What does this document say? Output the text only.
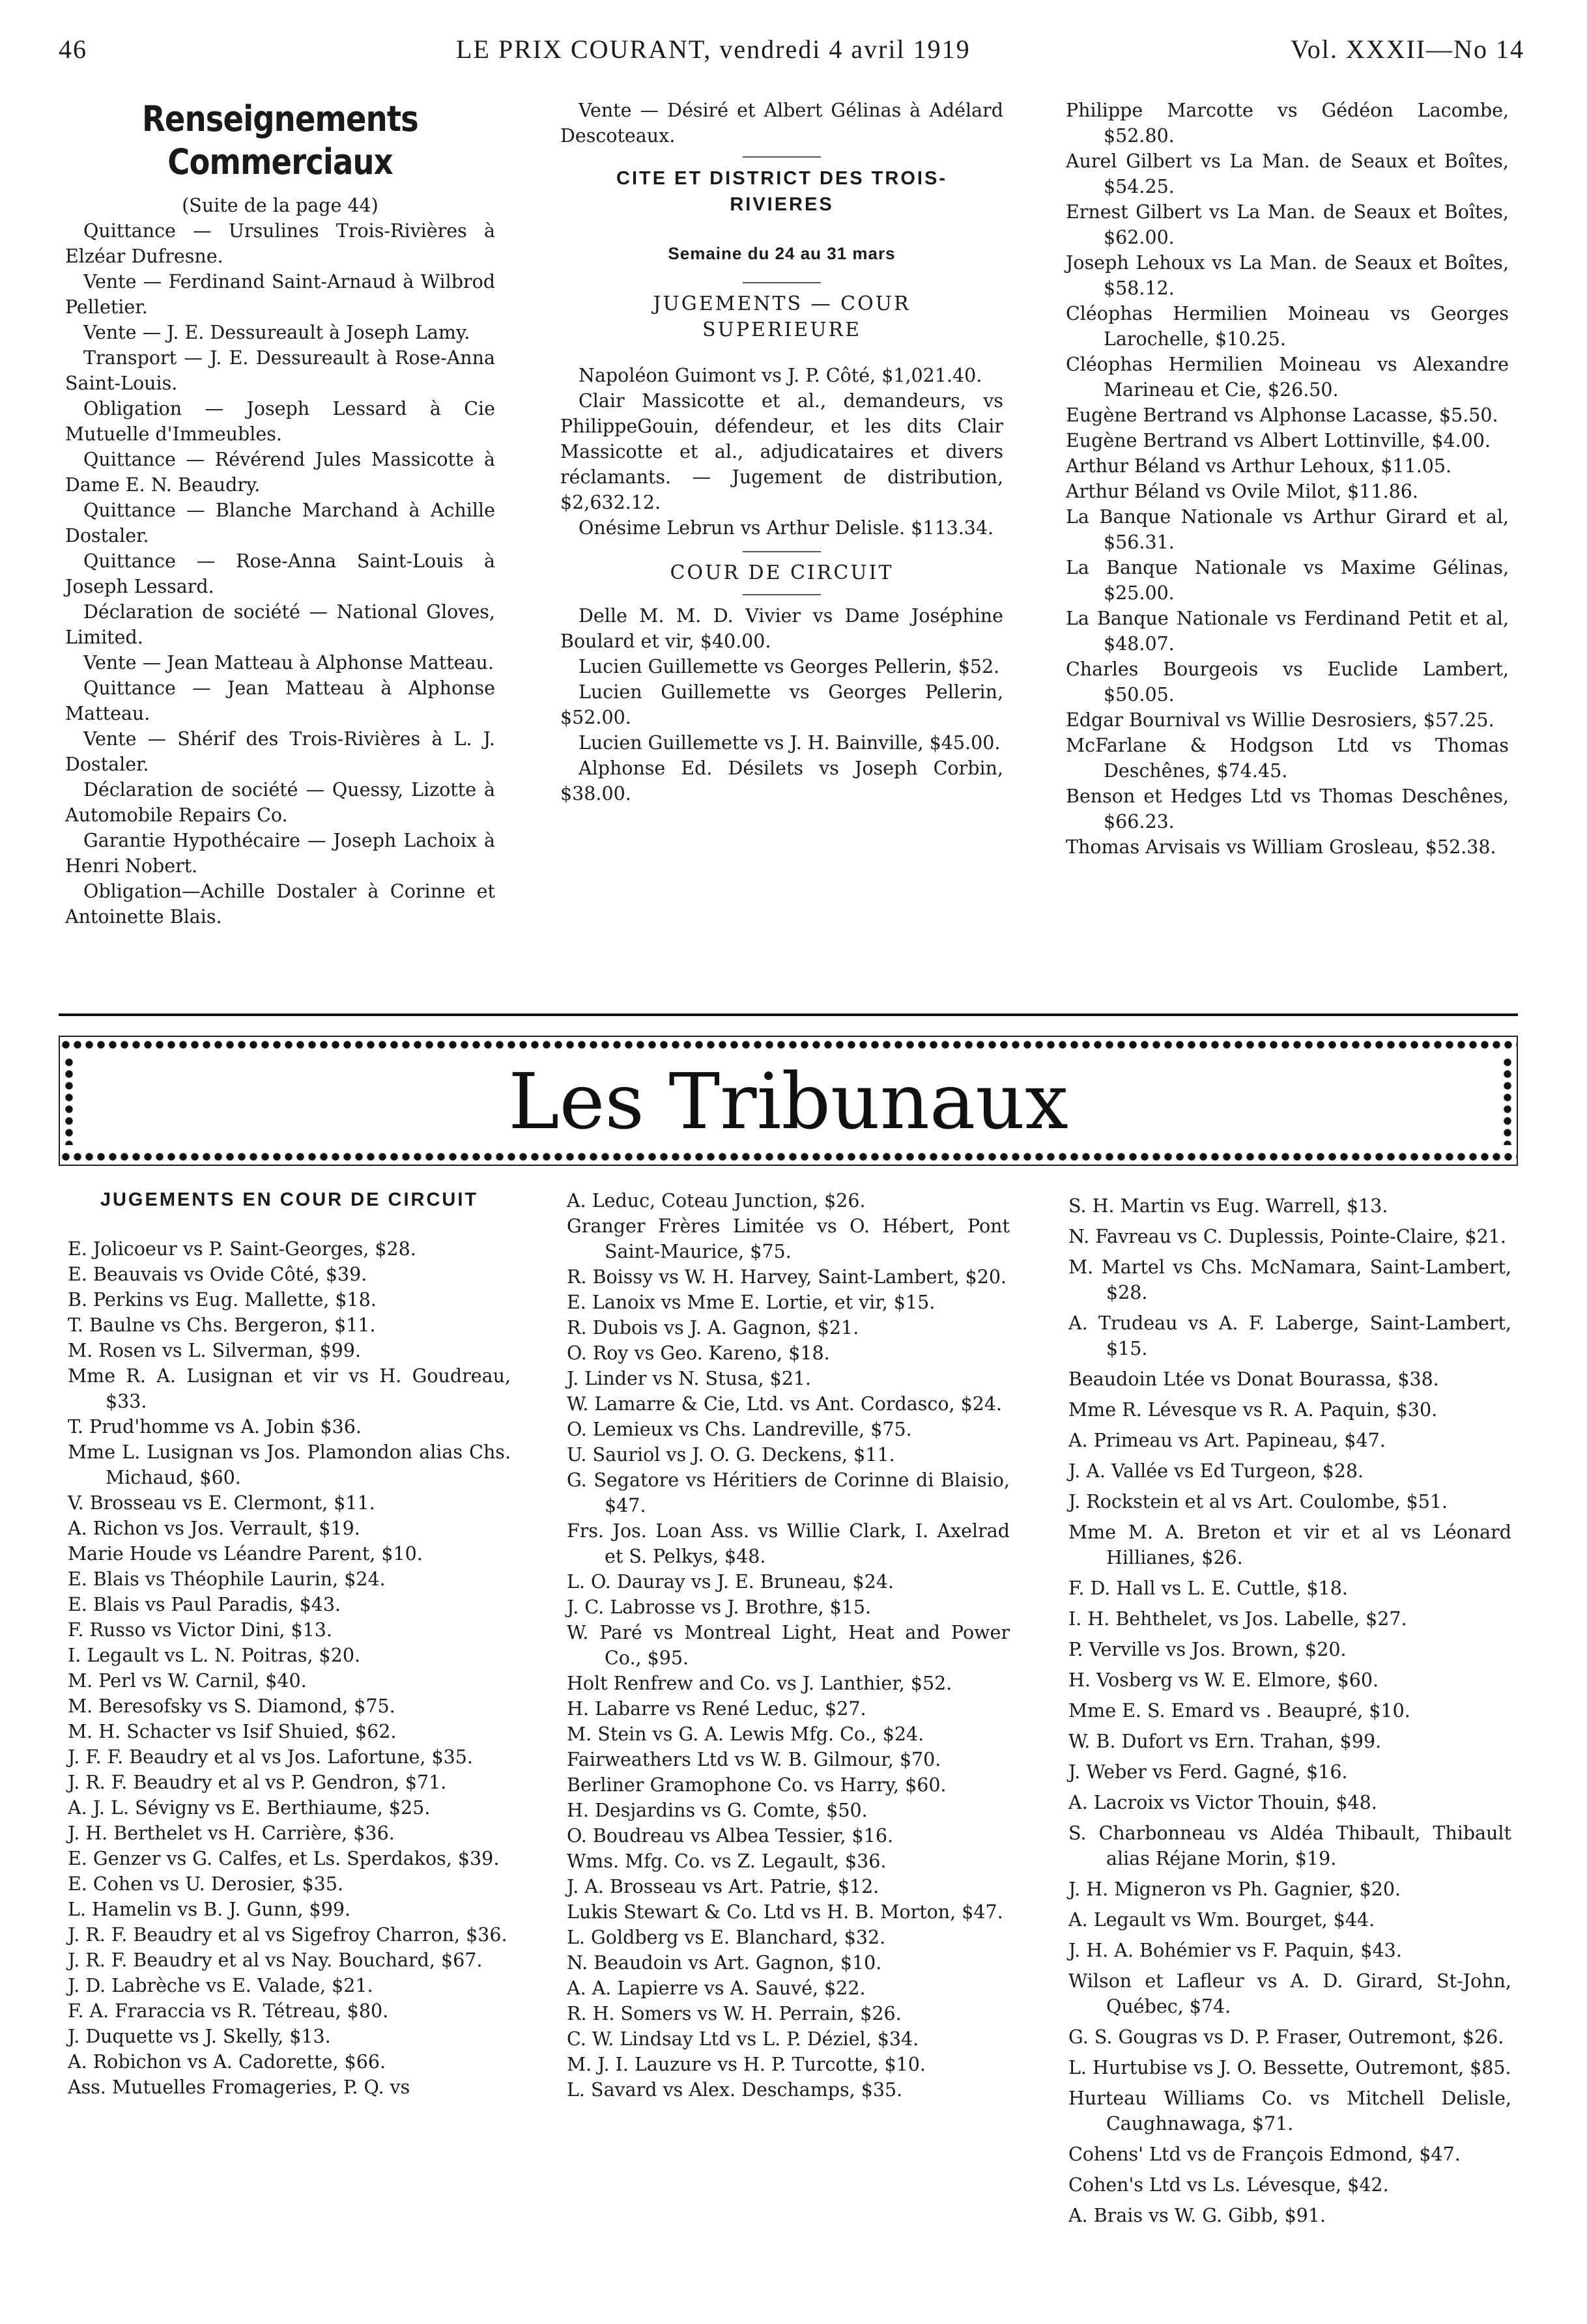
46	LE PRIX COURANT, vendredi 4 avril 1919	Vol. XXXII—No 14
Renseignements Commerciaux
(Suite de la page 44)

Quittance — Ursulines Trois-Rivières à Elzéar Dufresne.

Vente — Ferdinand Saint-Arnaud à Wilbrod Pelletier.

Vente — J. E. Dessureault à Joseph Lamy.

Transport — J. E. Dessureault à Rose-Anna Saint-Louis.

Obligation — Joseph Lessard à Cie Mutuelle d'Immeubles.

Quittance — Révérend Jules Massicotte à Dame E. N. Beaudry.

Quittance — Blanche Marchand à Achille Dostaler.

Quittance — Rose-Anna Saint-Louis à Joseph Lessard.

Déclaration de société — National Gloves, Limited.

Vente — Jean Matteau à Alphonse Matteau.

Quittance — Jean Matteau à Alphonse Matteau.

Vente — Shérif des Trois-Rivières à L. J. Dostaler.

Déclaration de société — Quessy, Lizotte à Automobile Repairs Co.

Garantie Hypothécaire — Joseph Lachoix à Henri Nobert.

Obligation—Achille Dostaler à Corinne et Antoinette Blais.

Vente — Désiré et Albert Gélinas à Adélard Descoteaux.

CITE ET DISTRICT DES TROIS-RIVIERES
Semaine du 24 au 31 mars
JUGEMENTS — COUR SUPERIEURE

Napoléon Guimont vs J. P. Côté, $1,021.40.

Clair Massicotte et al., demandeurs, vs PhilippeGouin, défendeur, et les dits Clair Massicotte et al., adjudicataires et divers réclamants. — Jugement de distribution, $2,632.12.

Onésime Lebrun vs Arthur Delisle. $113.34.

COUR DE CIRCUIT

Delle M. M. D. Vivier vs Dame Joséphine Boulard et vir, $40.00.

Lucien Guillemette vs Georges Pellerin, $52.

Lucien Guillemette vs Georges Pellerin, $52.00.

Lucien Guillemette vs J. H. Bainville, $45.00.

Alphonse Ed. Désilets vs Joseph Corbin, $38.00.

Philippe Marcotte vs Gédéon Lacombe, $52.80.

Aurel Gilbert vs La Man. de Seaux et Boîtes, $54.25.

Ernest Gilbert vs La Man. de Seaux et Boîtes, $62.00.

Joseph Lehoux vs La Man. de Seaux et Boîtes, $58.12.

Cléophas Hermilien Moineau vs Georges Larochelle, $10.25.

Cléophas Hermilien Moineau vs Alexandre Marineau et Cie, $26.50.

Eugène Bertrand vs Alphonse Lacasse, $5.50.

Eugène Bertrand vs Albert Lottinville, $4.00.

Arthur Béland vs Arthur Lehoux, $11.05.

Arthur Béland vs Ovile Milot, $11.86.

La Banque Nationale vs Arthur Girard et al, $56.31.

La Banque Nationale vs Maxime Gélinas, $25.00.

La Banque Nationale vs Ferdinand Petit et al, $48.07.

Charles Bourgeois vs Euclide Lambert, $50.05.

Edgar Bournival vs Willie Desrosiers, $57.25.

McFarlane & Hodgson Ltd vs Thomas Deschênes, $74.45.

Benson et Hedges Ltd vs Thomas Deschênes, $66.23.

Thomas Arvisais vs William Grosleau, $52.38.

Les Tribunaux
JUGEMENTS EN COUR DE CIRCUIT

E. Jolicoeur vs P. Saint-Georges, $28.

E. Beauvais vs Ovide Côté, $39.

B. Perkins vs Eug. Mallette, $18.

T. Baulne vs Chs. Bergeron, $11.

M. Rosen vs L. Silverman, $99.

Mme R. A. Lusignan et vir vs H. Goudreau, $33.

T. Prud'homme vs A. Jobin $36.

Mme L. Lusignan vs Jos. Plamondon alias Chs. Michaud, $60.

V. Brosseau vs E. Clermont, $11.

A. Richon vs Jos. Verrault, $19.

Marie Houde vs Léandre Parent, $10.

E. Blais vs Théophile Laurin, $24.

E. Blais vs Paul Paradis, $43.

F. Russo vs Victor Dini, $13.

I. Legault vs L. N. Poitras, $20.

M. Perl vs W. Carnil, $40.

M. Beresofsky vs S. Diamond, $75.

M. H. Schacter vs Isif Shuied, $62.

J. F. F. Beaudry et al vs Jos. Lafortune, $35.

J. R. F. Beaudry et al vs P. Gendron, $71.

A. J. L. Sévigny vs E. Berthiaume, $25.

J. H. Berthelet vs H. Carrière, $36.

E. Genzer vs G. Calfes, et Ls. Sperdakos, $39.

E. Cohen vs U. Derosier, $35.

L. Hamelin vs B. J. Gunn, $99.

J. R. F. Beaudry et al vs Sigefroy Charron, $36.

J. R. F. Beaudry et al vs Nay. Bouchard, $67.

J. D. Labrèche vs E. Valade, $21.

F. A. Fraraccia vs R. Tétreau, $80.

J. Duquette vs J. Skelly, $13.

A. Robichon vs A. Cadorette, $66.

Ass. Mutuelles Fromageries, P. Q. vs

A. Leduc, Coteau Junction, $26.

Granger Frères Limitée vs O. Hébert, Pont Saint-Maurice, $75.

R. Boissy vs W. H. Harvey, Saint-Lambert, $20.

E. Lanoix vs Mme E. Lortie, et vir, $15.

R. Dubois vs J. A. Gagnon, $21.

O. Roy vs Geo. Kareno, $18.

J. Linder vs N. Stusa, $21.

W. Lamarre & Cie, Ltd. vs Ant. Cordasco, $24.

O. Lemieux vs Chs. Landreville, $75.

U. Sauriol vs J. O. G. Deckens, $11.

G. Segatore vs Héritiers de Corinne di Blaisio, $47.

Frs. Jos. Loan Ass. vs Willie Clark, I. Axelrad et S. Pelkys, $48.

L. O. Dauray vs J. E. Bruneau, $24.

J. C. Labrosse vs J. Brothre, $15.

W. Paré vs Montreal Light, Heat and Power Co., $95.

Holt Renfrew and Co. vs J. Lanthier, $52.

H. Labarre vs René Leduc, $27.

M. Stein vs G. A. Lewis Mfg. Co., $24.

Fairweathers Ltd vs W. B. Gilmour, $70.

Berliner Gramophone Co. vs Harry, $60.

H. Desjardins vs G. Comte, $50.

O. Boudreau vs Albea Tessier, $16.

Wms. Mfg. Co. vs Z. Legault, $36.

J. A. Brosseau vs Art. Patrie, $12.

Lukis Stewart & Co. Ltd vs H. B. Morton, $47.

L. Goldberg vs E. Blanchard, $32.

N. Beaudoin vs Art. Gagnon, $10.

A. A. Lapierre vs A. Sauvé, $22.

R. H. Somers vs W. H. Perrain, $26.

C. W. Lindsay Ltd vs L. P. Déziel, $34.

M. J. I. Lauzure vs H. P. Turcotte, $10.

L. Savard vs Alex. Deschamps, $35.

S. H. Martin vs Eug. Warrell, $13.

N. Favreau vs C. Duplessis, Pointe-Claire, $21.

M. Martel vs Chs. McNamara, Saint-Lambert, $28.

A. Trudeau vs A. F. Laberge, Saint-Lambert, $15.

Beaudoin Ltée vs Donat Bourassa, $38.

Mme R. Lévesque vs R. A. Paquin, $30.

A. Primeau vs Art. Papineau, $47.

J. A. Vallée vs Ed Turgeon, $28.

J. Rockstein et al vs Art. Coulombe, $51.

Mme M. A. Breton et vir et al vs Léonard Hillianes, $26.

F. D. Hall vs L. E. Cuttle, $18.

I. H. Behthelet, vs Jos. Labelle, $27.

P. Verville vs Jos. Brown, $20.

H. Vosberg vs W. E. Elmore, $60.

Mme E. S. Emard vs . Beaupré, $10.

W. B. Dufort vs Ern. Trahan, $99.

J. Weber vs Ferd. Gagné, $16.

A. Lacroix vs Victor Thouin, $48.

S. Charbonneau vs Aldéa Thibault, Thibault alias Réjane Morin, $19.

J. H. Migneron vs Ph. Gagnier, $20.

A. Legault vs Wm. Bourget, $44.

J. H. A. Bohémier vs F. Paquin, $43.

Wilson et Lafleur vs A. D. Girard, St-John, Québec, $74.

G. S. Gougras vs D. P. Fraser, Outremont, $26.

L. Hurtubise vs J. O. Bessette, Outremont, $85.

Hurteau Williams Co. vs Mitchell Delisle, Caughnawaga, $71.

Cohens' Ltd vs de François Edmond, $47.

Cohen's Ltd vs Ls. Lévesque, $42.

A. Brais vs W. G. Gibb, $91.
